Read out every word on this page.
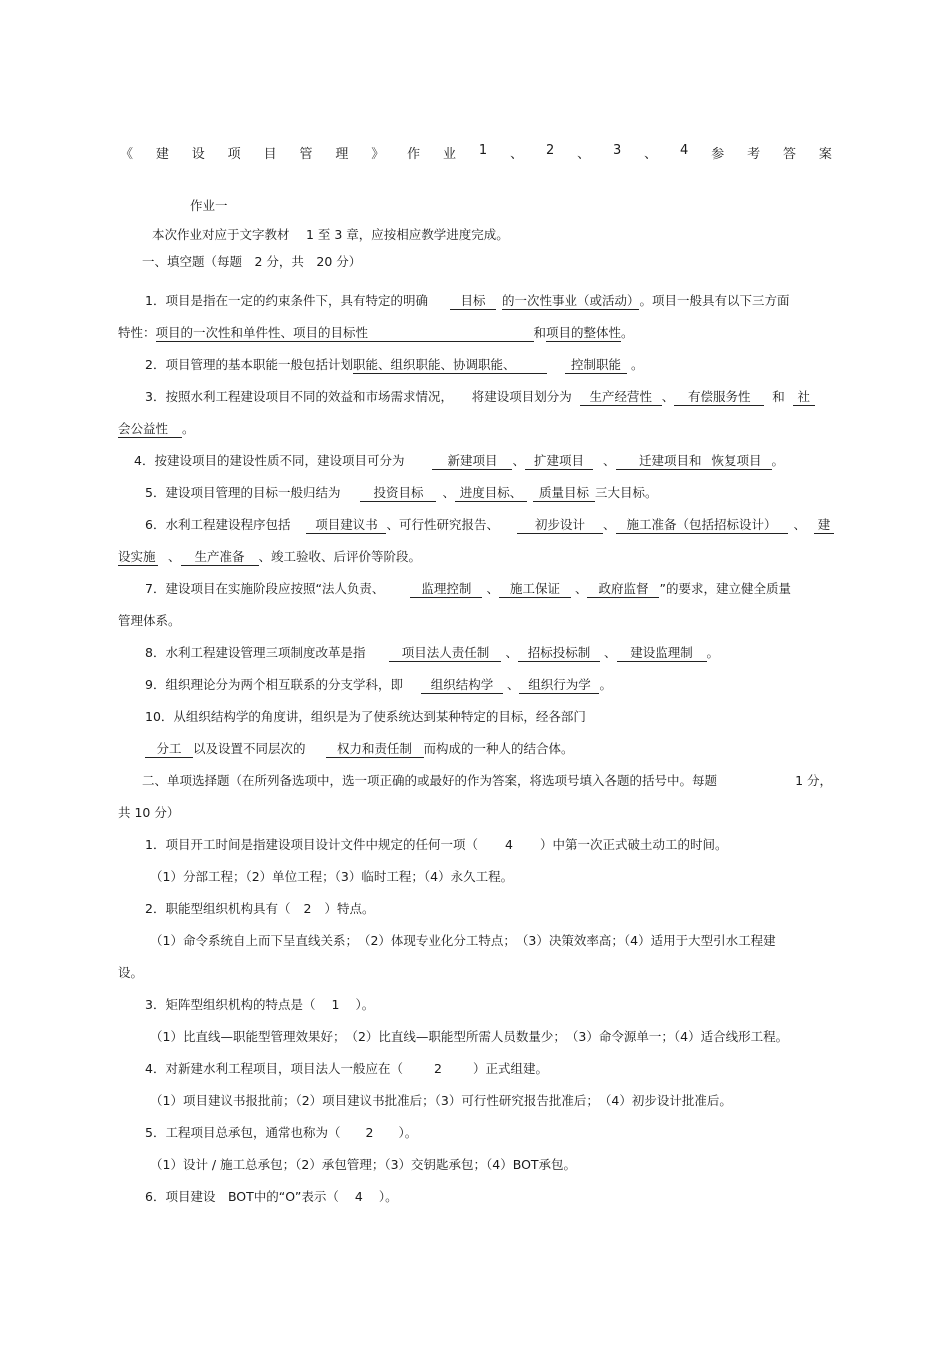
《 建 设 项 目 管 理 》 作 业 1 、 2 、 3 、 4 参 考 答 案
作业一
本次作业对应于文字教材　 1 至 3 章，应按相应教学进度完成。
一、填空题（每题　2 分，共　20 分）
1．项目是指在一定的约束条件下，具有特定的明确	目标 的一次性事业（或活动）。项目一般具有以下三方面
特性：项目的一次性和单件性、项目的目标性	和项目的整体性。
2．项目管理的基本职能一般包括计划职能、组织职能、协调职能、	控制职能 。
3．按照水利工程建设项目不同的效益和市场需求情况，　　将建设项目划分为 生产经营性 、 有偿服务性 和 社
会公益性 。
4．按建设项目的建设性质不同，建设项目可分为	新建项目 、 扩建项目 、 迁建项目和 恢复项目 。
5．建设项目管理的目标一般归结为	投资目标 、 进度目标、 质量目标 三大目标。
6．水利工程建设程序包括 项目建议书 、可行性研究报告、	初步设计 、 施工准备（包括招标设计） 、 建
设实施 、 生产准备 、竣工验收、后评价等阶段。
7．建设项目在实施阶段应按照“法人负责、	监理控制 、 施工保证 、 政府监督 ”的要求，建立健全质量
管理体系。
8．水利工程建设管理三项制度改革是指	项目法人责任制 、 招标投标制 、 建设监理制 。
9．组织理论分为两个相互联系的分支学科，即 组织结构学 、 组织行为学 。
10．从组织结构学的角度讲，组织是为了使系统达到某种特定的目标，经各部门
分工 以及设置不同层次的	权力和责任制 而构成的一种人的结合体。
二、单项选择题（在所列备选项中，选一项正确的或最好的作为答案，将选项号填入各题的括号中。每题	1 分，
共 10 分）
1．项目开工时间是指建设项目设计文件中规定的任何一项（ 4 ）中第一次正式破土动工的时间。
（1）分部工程；（2）单位工程；（3）临时工程；（4）永久工程。
2．职能型组织机构具有（ 2 ）特点。
（1）命令系统自上而下呈直线关系；　（2）体现专业化分工特点；　（3）决策效率高；（4）适用于大型引水工程建
设。
3．矩阵型组织机构的特点是（ 1 ）。
（1）比直线—职能型管理效果好；　（2）比直线—职能型所需人员数量少；　（3）命令源单一；（4）适合线形工程。
4．对新建水利工程项目，项目法人一般应在（ 2 ）正式组建。
（1）项目建议书报批前；（2）项目建议书批准后；（3）可行性研究报告批准后；　（4）初步设计批准后。
5．工程项目总承包，通常也称为（ 2 ）。
（1）设计 / 施工总承包；（2）承包管理；（3）交钥匙承包；（4）BOT承包。
6．项目建设　BOT中的“O”表示（ 4 ）。
